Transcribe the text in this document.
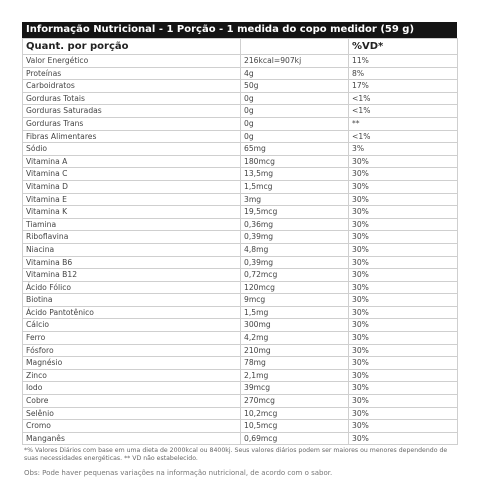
Informação Nutricional - 1 Porção - 1 medida do copo medidor (59 g)
Quant. por porção		%VD*
Valor Energético	216kcal=907kj	11%
Proteínas	4g	8%
Carboidratos	50g	17%
Gorduras Totais	0g	<1%
Gorduras Saturadas	0g	<1%
Gorduras Trans	0g	**
Fibras Alimentares	0g	<1%
Sódio	65mg	3%
Vitamina A	180mcg	30%
Vitamina C	13,5mg	30%
Vitamina D	1,5mcg	30%
Vitamina E	3mg	30%
Vitamina K	19,5mcg	30%
Tiamina	0,36mg	30%
Riboflavina	0,39mg	30%
Niacina	4,8mg	30%
Vitamina B6	0,39mg	30%
Vitamina B12	0,72mcg	30%
Ácido Fólico	120mcg	30%
Biotina	9mcg	30%
Ácido Pantotênico	1,5mg	30%
Cálcio	300mg	30%
Ferro	4,2mg	30%
Fósforo	210mg	30%
Magnésio	78mg	30%
Zinco	2,1mg	30%
Iodo	39mcg	30%
Cobre	270mcg	30%
Selênio	10,2mcg	30%
Cromo	10,5mcg	30%
Manganês	0,69mcg	30%
*% Valores Diários com base em uma dieta de 2000kcal ou 8400kj. Seus valores diários podem ser maiores ou menores dependendo de suas necessidades energéticas. ** VD não estabelecido.
Obs: Pode haver pequenas variações na informação nutricional, de acordo com o sabor.
